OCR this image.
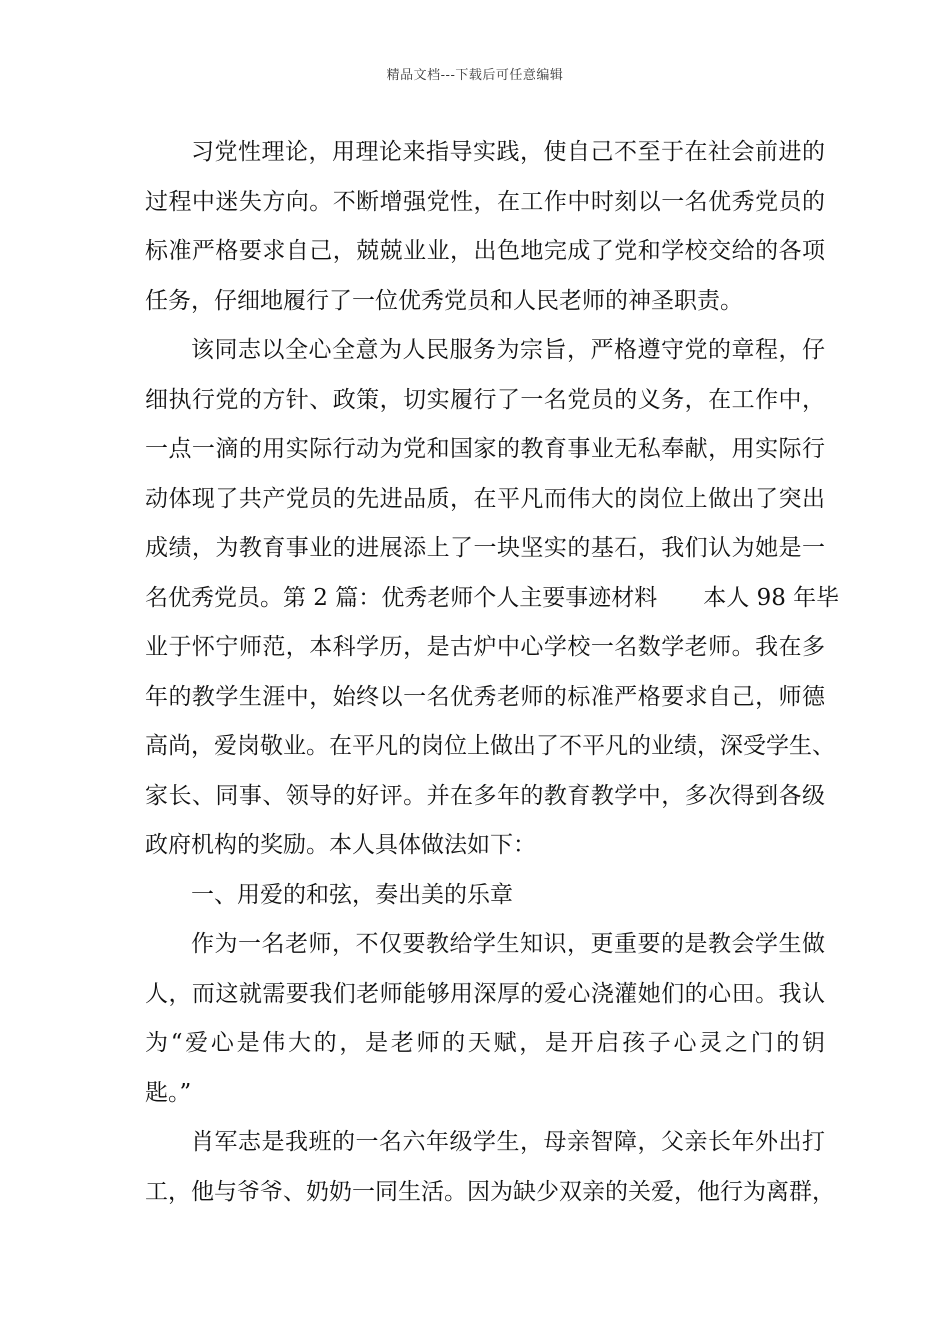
精品文档---下载后可任意编辑
习党性理论，用理论来指导实践，使自己不至于在社会前进的
过程中迷失方向。不断增强党性，在工作中时刻以一名优秀党员的
标准严格要求自己，兢兢业业，出色地完成了党和学校交给的各项
任务，仔细地履行了一位优秀党员和人民老师的神圣职责。
该同志以全心全意为人民服务为宗旨，严格遵守党的章程，仔
细执行党的方针、政策，切实履行了一名党员的义务，在工作中，
一点一滴的用实际行动为党和国家的教育事业无私奉献，用实际行
动体现了共产党员的先进品质，在平凡而伟大的岗位上做出了突出
成绩，为教育事业的进展添上了一块坚实的基石，我们认为她是一
名优秀党员。第 2 篇：优秀老师个人主要事迹材料　　本人 98 年毕
业于怀宁师范，本科学历，是古炉中心学校一名数学老师。我在多
年的教学生涯中，始终以一名优秀老师的标准严格要求自己，师德
高尚，爱岗敬业。在平凡的岗位上做出了不平凡的业绩，深受学生、
家长、同事、领导的好评。并在多年的教育教学中，多次得到各级
政府机构的奖励。本人具体做法如下：
一、用爱的和弦，奏出美的乐章
作为一名老师，不仅要教给学生知识，更重要的是教会学生做
人，而这就需要我们老师能够用深厚的爱心浇灌她们的心田。我认
为“爱心是伟大的，是老师的天赋，是开启孩子心灵之门的钥
匙。”
肖军志是我班的一名六年级学生，母亲智障，父亲长年外出打
工，他与爷爷、奶奶一同生活。因为缺少双亲的关爱，他行为离群，
